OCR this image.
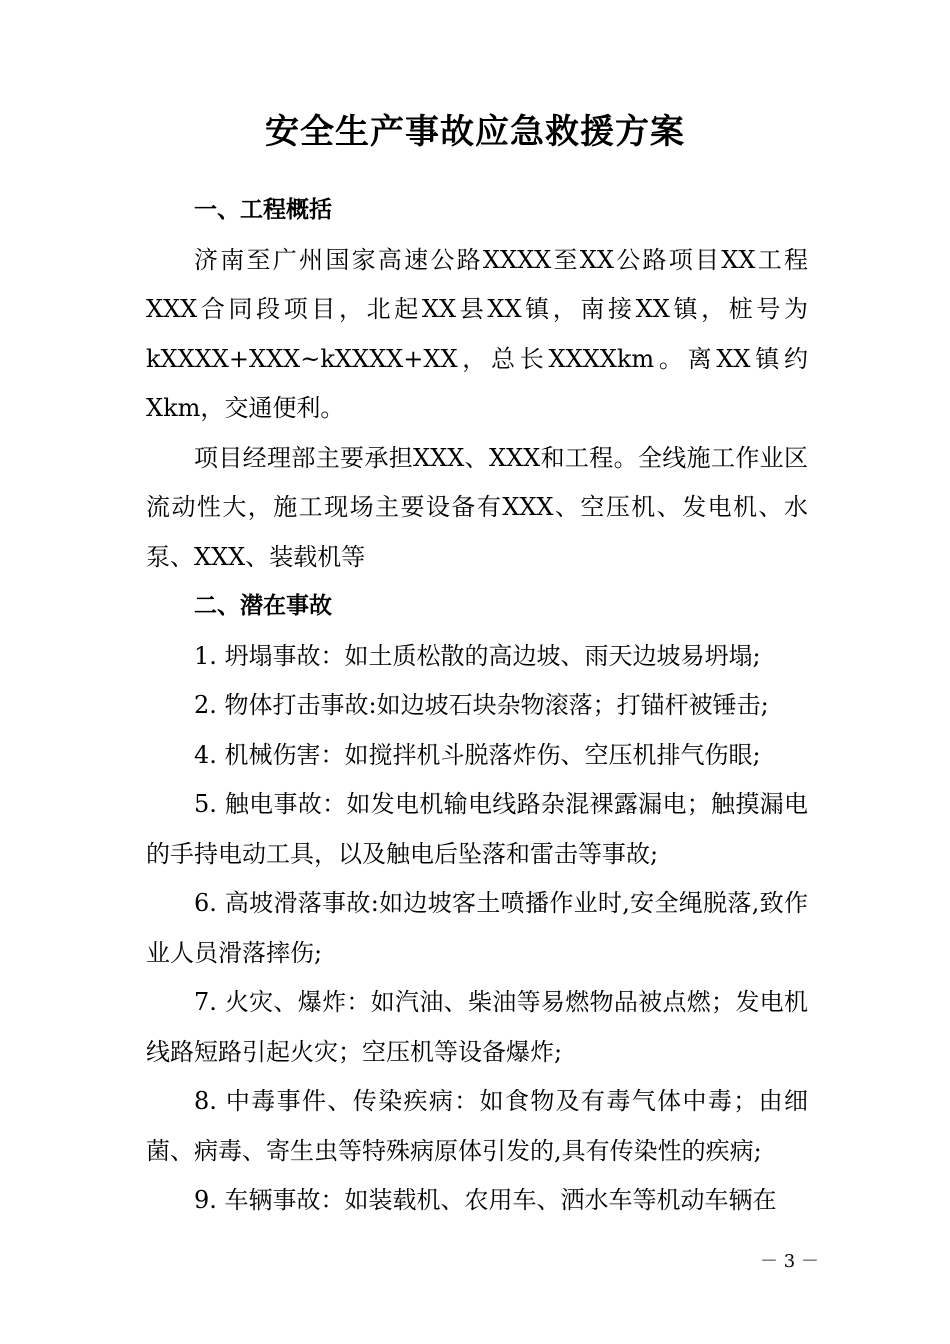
安全生产事故应急救援方案

一、工程概括

济南至广州国家高速公路XXXX至XX公路项目XX工程XXX合同段项目，北起XX县XX镇，南接XX镇，桩号为kXXXX+XXX~kXXXX+XX，总长XXXXkm。离XX镇约Xkm，交通便利。

项目经理部主要承担XXX、XXX和工程。全线施工作业区流动性大，施工现场主要设备有XXX、空压机、发电机、水泵、XXX、装载机等

二、潜在事故

1. 坍塌事故：如土质松散的高边坡、雨天边坡易坍塌;

2. 物体打击事故:如边坡石块杂物滚落；打锚杆被锤击;

4. 机械伤害：如搅拌机斗脱落炸伤、空压机排气伤眼;

5. 触电事故：如发电机输电线路杂混裸露漏电；触摸漏电的手持电动工具，以及触电后坠落和雷击等事故;

6. 高坡滑落事故:如边坡客土喷播作业时,安全绳脱落,致作业人员滑落摔伤;

7. 火灾、爆炸：如汽油、柴油等易燃物品被点燃；发电机线路短路引起火灾；空压机等设备爆炸;

8. 中毒事件、传染疾病：如食物及有毒气体中毒；由细菌、病毒、寄生虫等特殊病原体引发的,具有传染性的疾病;

9. 车辆事故：如装载机、农用车、洒水车等机动车辆在

－ 3 －
